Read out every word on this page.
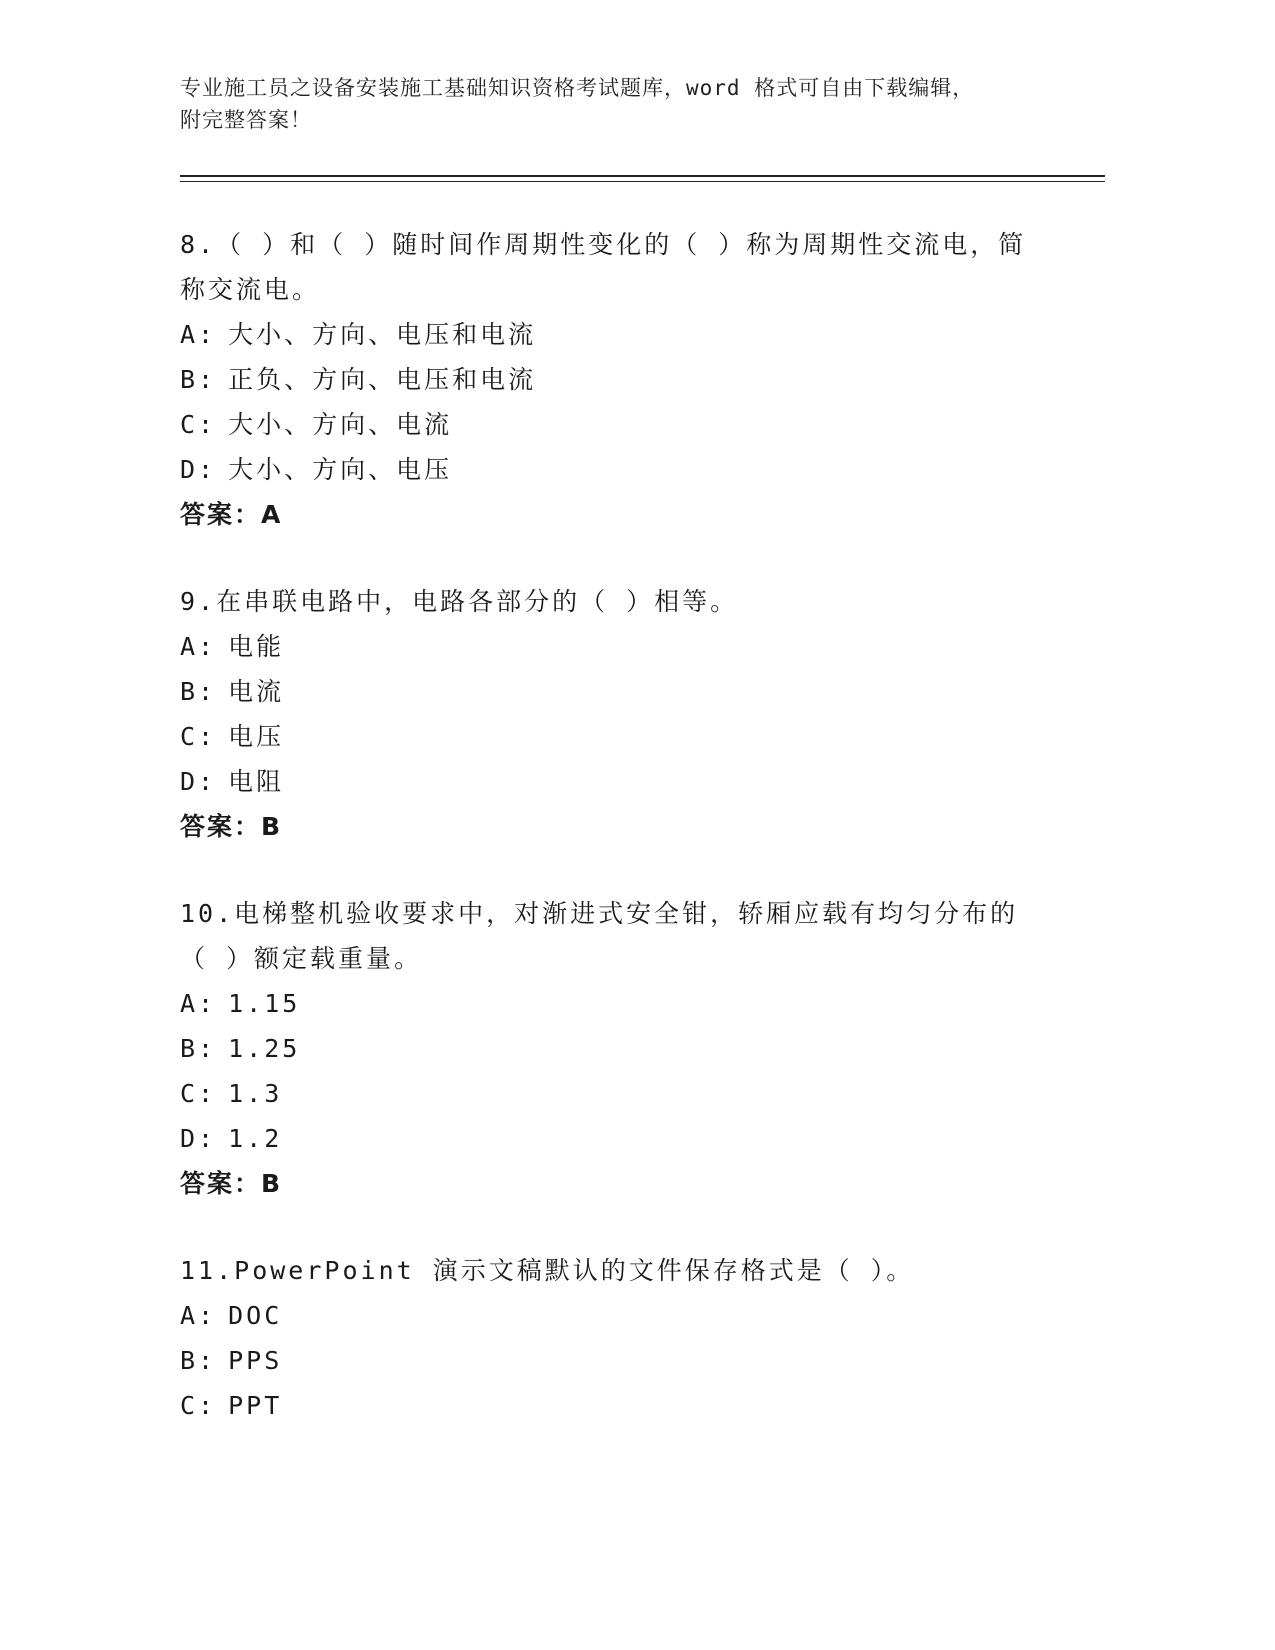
专业施工员之设备安装施工基础知识资格考试题库，word 格式可自由下载编辑，
附完整答案！

8.（ ）和（ ）随时间作周期性变化的（ ）称为周期性交流电，简称交流电。

A: 大小、方向、电压和电流
B: 正负、方向、电压和电流
C: 大小、方向、电流
D: 大小、方向、电压

答案：A

9.在串联电路中，电路各部分的（ ）相等。

A: 电能
B: 电流
C: 电压
D: 电阻

答案：B

10.电梯整机验收要求中，对渐进式安全钳，轿厢应载有均匀分布的（ ）额定载重量。

A: 1.15
B: 1.25
C: 1.3
D: 1.2

答案：B

11.PowerPoint 演示文稿默认的文件保存格式是（ ）。

A: DOC
B: PPS
C: PPT
